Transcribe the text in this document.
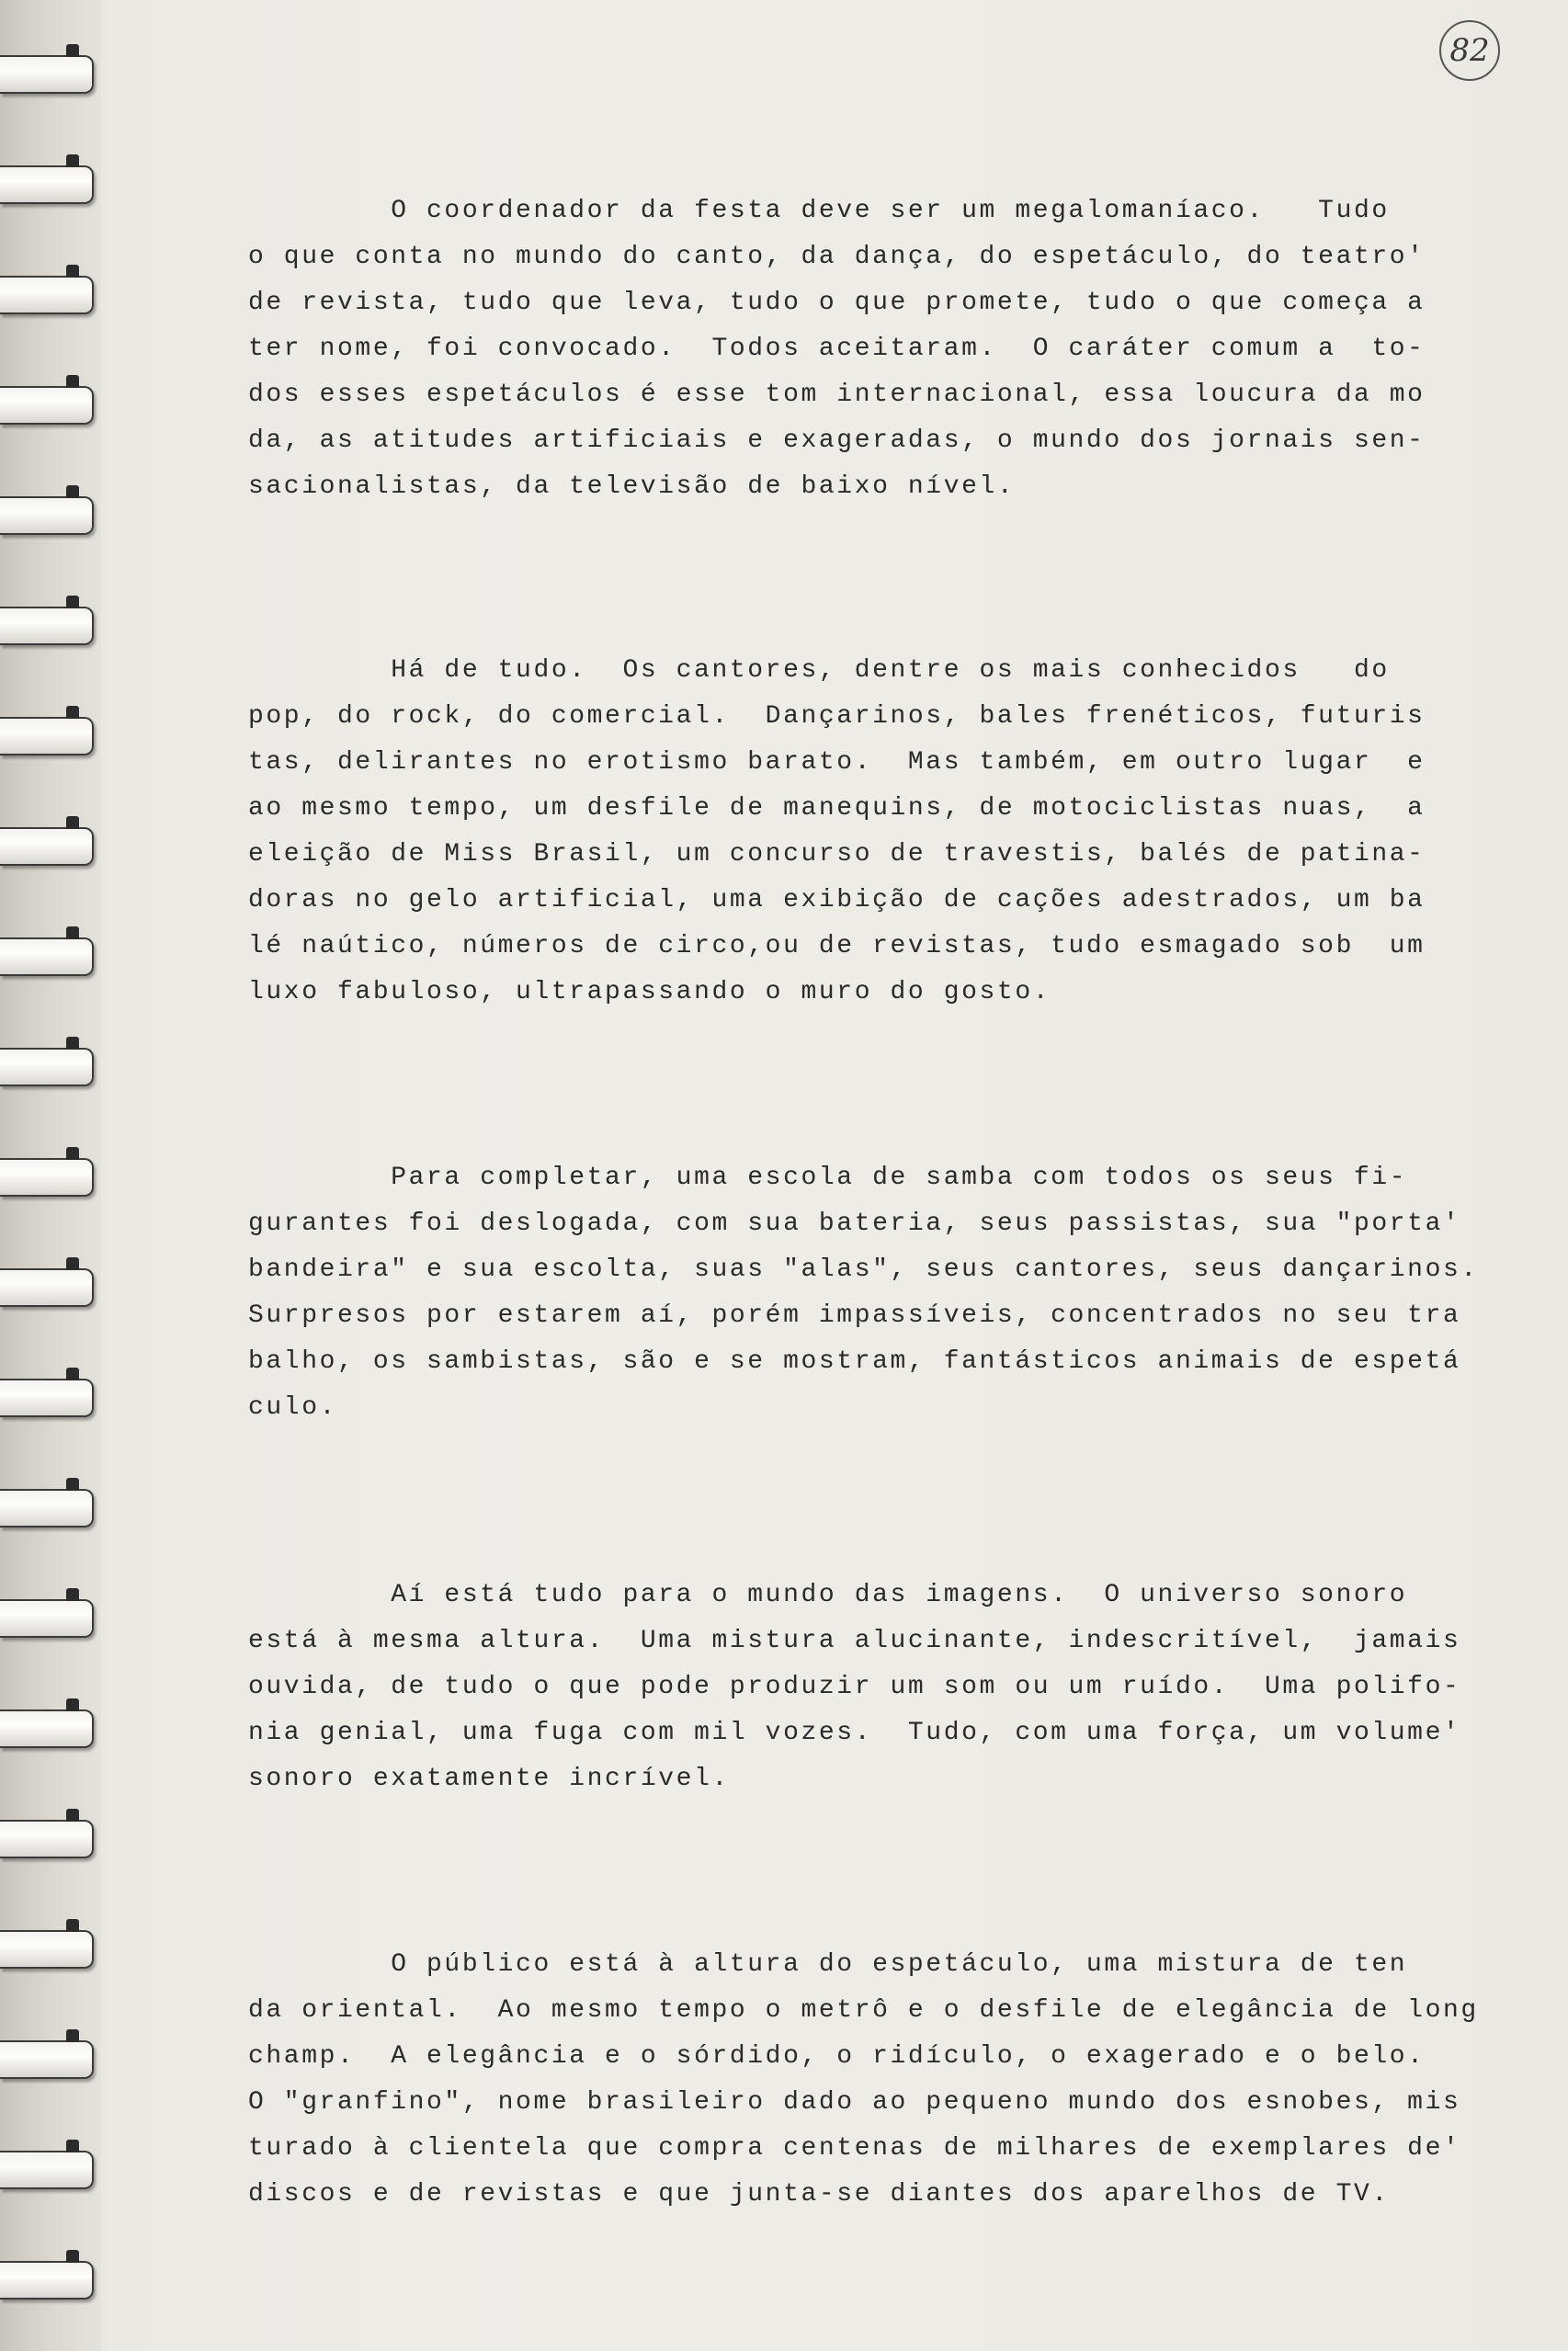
82
O coordenador da festa deve ser um megalomaníaco.   Tudo
o que conta no mundo do canto, da dança, do espetáculo, do teatro'
de revista, tudo que leva, tudo o que promete, tudo o que começa a
ter nome, foi convocado.  Todos aceitaram.  O caráter comum a  to-
dos esses espetáculos é esse tom internacional, essa loucura da mo
da, as atitudes artificiais e exageradas, o mundo dos jornais sen-
sacionalistas, da televisão de baixo nível.
Há de tudo.  Os cantores, dentre os mais conhecidos   do
pop, do rock, do comercial.  Dançarinos, bales frenéticos, futuris
tas, delirantes no erotismo barato.  Mas também, em outro lugar  e
ao mesmo tempo, um desfile de manequins, de motociclistas nuas,  a
eleição de Miss Brasil, um concurso de travestis, balés de patina-
doras no gelo artificial, uma exibição de cações adestrados, um ba
lé naútico, números de circo,ou de revistas, tudo esmagado sob  um
luxo fabuloso, ultrapassando o muro do gosto.
Para completar, uma escola de samba com todos os seus fi-
gurantes foi deslogada, com sua bateria, seus passistas, sua "porta'
bandeira" e sua escolta, suas "alas", seus cantores, seus dançarinos.
Surpresos por estarem aí, porém impassíveis, concentrados no seu tra
balho, os sambistas, são e se mostram, fantásticos animais de espetá
culo.
Aí está tudo para o mundo das imagens.  O universo sonoro
está à mesma altura.  Uma mistura alucinante, indescritível,  jamais
ouvida, de tudo o que pode produzir um som ou um ruído.  Uma polifo-
nia genial, uma fuga com mil vozes.  Tudo, com uma força, um volume'
sonoro exatamente incrível.
O público está à altura do espetáculo, uma mistura de ten
da oriental.  Ao mesmo tempo o metrô e o desfile de elegância de long
champ.  A elegância e o sórdido, o ridículo, o exagerado e o belo.
O "granfino", nome brasileiro dado ao pequeno mundo dos esnobes, mis
turado à clientela que compra centenas de milhares de exemplares de'
discos e de revistas e que junta-se diantes dos aparelhos de TV.
